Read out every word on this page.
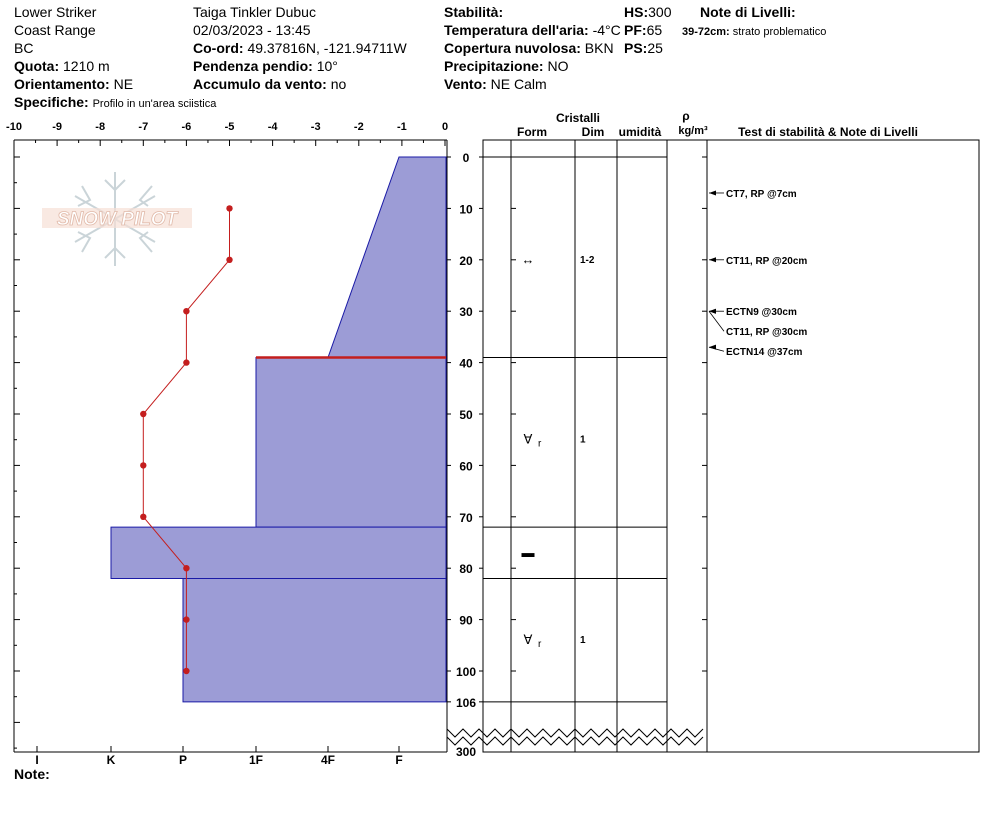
Lower Striker
Coast Range
BC
Quota: 1210 m
Orientamento: NE
Specifiche: Profilo in un'area sciistica
Taiga Tinkler Dubuc
02/03/2023 - 13:45
Co-ord: 49.37816N, -121.94711W
Pendenza pendio: 10°
Accumulo da vento: no
Stabilità:
Temperatura dell'aria: -4°C
Copertura nuvolosa: BKN
Precipitazione: NO
Vento: NE Calm
HS:300
PF:65
PS:25
Note di Livelli:
39-72cm: strato problematico
Note:
SNOW PILOT
-10	-9	-8	-7	-6	-5	-4	-3	-2	-1	0
I	K	P	1F	4F	F
0
10
20
30
40
50
60
70
80
90
100
106
300
Cristalli
Form	Dim umidità
ρ
kg/m³	Test di stabilità & Note di Livelli
↔	1-2
∀ r	1
▬
∀ r	1
CT7, RP @7cm
CT11, RP @20cm
ECTN9 @30cm
CT11, RP @30cm
ECTN14 @37cm
